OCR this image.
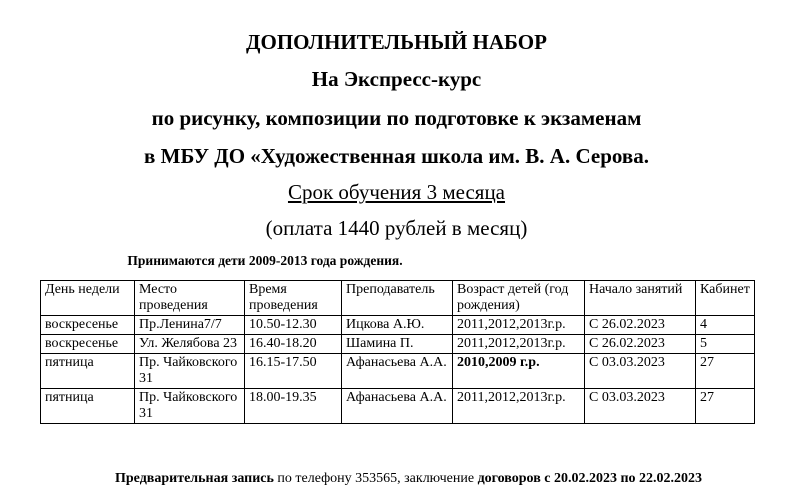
ДОПОЛНИТЕЛЬНЫЙ НАБОР
На Экспресс-курс
по рисунку, композиции по подготовке к экзаменам
в МБУ ДО «Художественная школа им. В. А. Серова.
Срок обучения 3 месяца
(оплата 1440 рублей в месяц)
Принимаются дети 2009-2013 года рождения.
День недели	Место проведения	Время проведения	Преподаватель	Возраст детей (год рождения)	Начало занятий	Кабинет
воскресенье	Пр.Ленина7/7	10.50-12.30	Ицкова А.Ю.	2011,2012,2013г.р.	С 26.02.2023	4
воскресенье	Ул. Желябова 23	16.40-18.20	Шамина П.	2011,2012,2013г.р.	С 26.02.2023	5
пятница	Пр. Чайковского 31	16.15-17.50	Афанасьева А.А.	2010,2009 г.р.	С 03.03.2023	27
пятница	Пр. Чайковского 31	18.00-19.35	Афанасьева А.А.	2011,2012,2013г.р.	С 03.03.2023	27
Предварительная запись по телефону 353565, заключение договоров с 20.02.2023 по 22.02.2023
